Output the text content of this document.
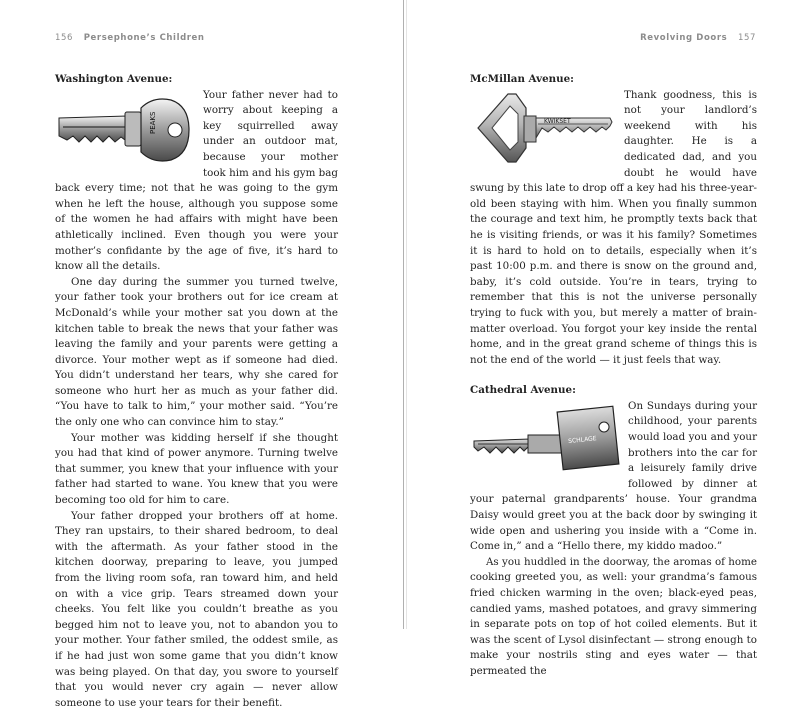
156 Persephone’s Children
Washington Avenue:
PEAKS

Your father never had to worry about keeping a key squirrelled away under an outdoor mat, because your mother took him and his gym bag back every time; not that he was going to the gym when he left the house, although you suppose some of the women he had affairs with might have been athletically inclined. Even though you were your mother’s confidante by the age of five, it’s hard to know all the details.

One day during the summer you turned twelve, your father took your brothers out for ice cream at McDonald’s while your mother sat you down at the kitchen table to break the news that your father was leaving the family and your parents were getting a divorce. Your mother wept as if someone had died. You didn’t understand her tears, why she cared for someone who hurt her as much as your father did. “You have to talk to him,” your mother said. “You’re the only one who can convince him to stay.”

Your mother was kidding herself if she thought you had that kind of power anymore. Turning twelve that summer, you knew that your influence with your father had started to wane. You knew that you were becoming too old for him to care.

Your father dropped your brothers off at home. They ran upstairs, to their shared bedroom, to deal with the aftermath. As your father stood in the kitchen doorway, preparing to leave, you jumped from the living room sofa, ran toward him, and held on with a vice grip. Tears streamed down your cheeks. You felt like you couldn’t breathe as you begged him not to leave you, not to abandon you to your mother. Your father smiled, the oddest smile, as if he had just won some game that you didn’t know was being played. On that day, you swore to yourself that you would never cry again — never allow someone to use your tears for their benefit.

Revolving Doors 157
McMillan Avenue:
KWIKSET

Thank goodness, this is not your landlord’s weekend with his daughter. He is a dedicated dad, and you doubt he would have swung by this late to drop off a key had his three-year-old been staying with him. When you finally summon the courage and text him, he promptly texts back that he is visiting friends, or was it his family? Sometimes it is hard to hold on to details, especially when it’s past 10:00 p.m. and there is snow on the ground and, baby, it’s cold outside. You’re in tears, trying to remember that this is not the universe personally trying to fuck with you, but merely a matter of brain-matter overload. You forgot your key inside the rental home, and in the great grand scheme of things this is not the end of the world — it just feels that way.

Cathedral Avenue:
SCHLAGE

On Sundays during your childhood, your parents would load you and your brothers into the car for a leisurely family drive followed by dinner at your paternal grandparents’ house. Your grandma Daisy would greet you at the back door by swinging it wide open and ushering you inside with a “Come in. Come in,” and a “Hello there, my kiddo madoo.”

As you huddled in the doorway, the aromas of home cooking greeted you, as well: your grandma’s famous fried chicken warming in the oven; black-eyed peas, candied yams, mashed potatoes, and gravy simmering in separate pots on top of hot coiled elements. But it was the scent of Lysol disinfectant — strong enough to make your nostrils sting and eyes water — that permeated the
